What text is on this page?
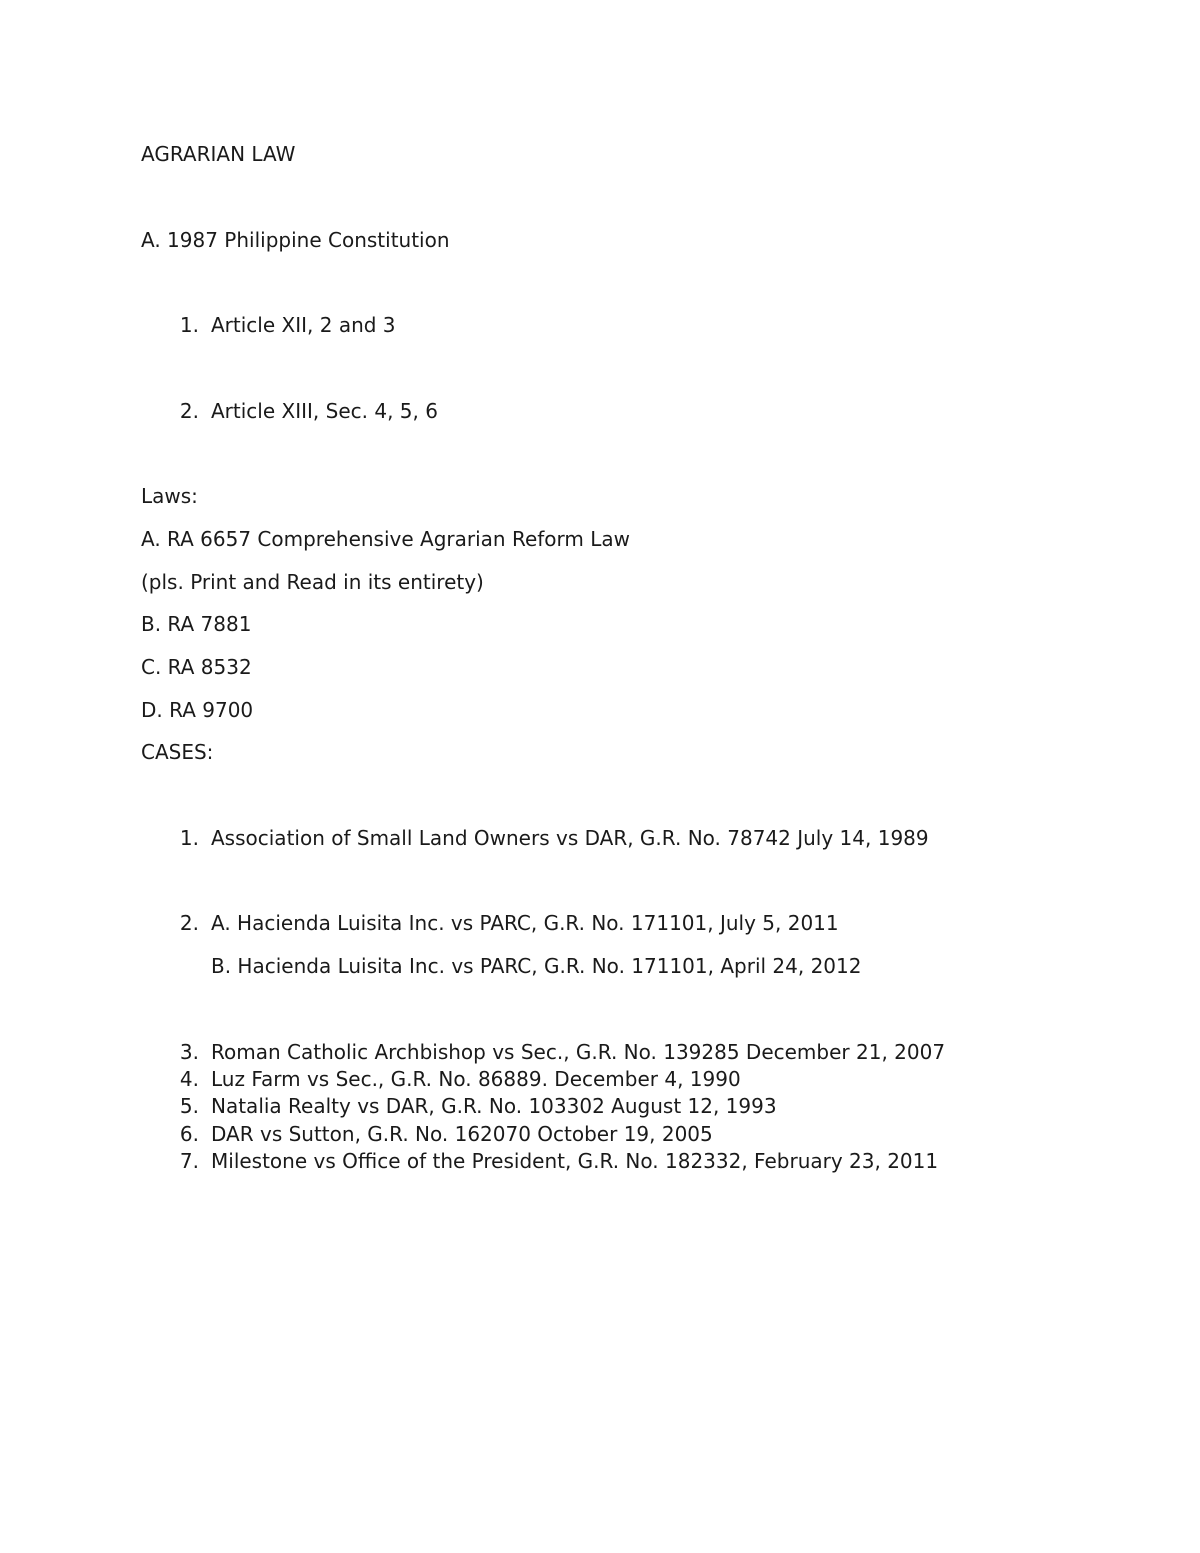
AGRARIAN LAW

A. 1987 Philippine Constitution

1. Article XII, 2 and 3
2. Article XIII, Sec. 4, 5, 6

Laws:

A. RA 6657 Comprehensive Agrarian Reform Law

(pls. Print and Read in its entirety)

B. RA 7881

C. RA 8532

D. RA 9700

CASES:

1. Association of Small Land Owners vs DAR, G.R. No. 78742 July 14, 1989
2. A. Hacienda Luisita Inc. vs PARC, G.R. No. 171101, July 5, 2011

B. Hacienda Luisita Inc. vs PARC, G.R. No. 171101, April 24, 2012

3. Roman Catholic Archbishop vs Sec., G.R. No. 139285 December 21, 2007
4. Luz Farm vs Sec., G.R. No. 86889. December 4, 1990
5. Natalia Realty vs DAR, G.R. No. 103302 August 12, 1993
6. DAR vs Sutton, G.R. No. 162070 October 19, 2005
7. Milestone vs Office of the President, G.R. No. 182332, February 23, 2011
